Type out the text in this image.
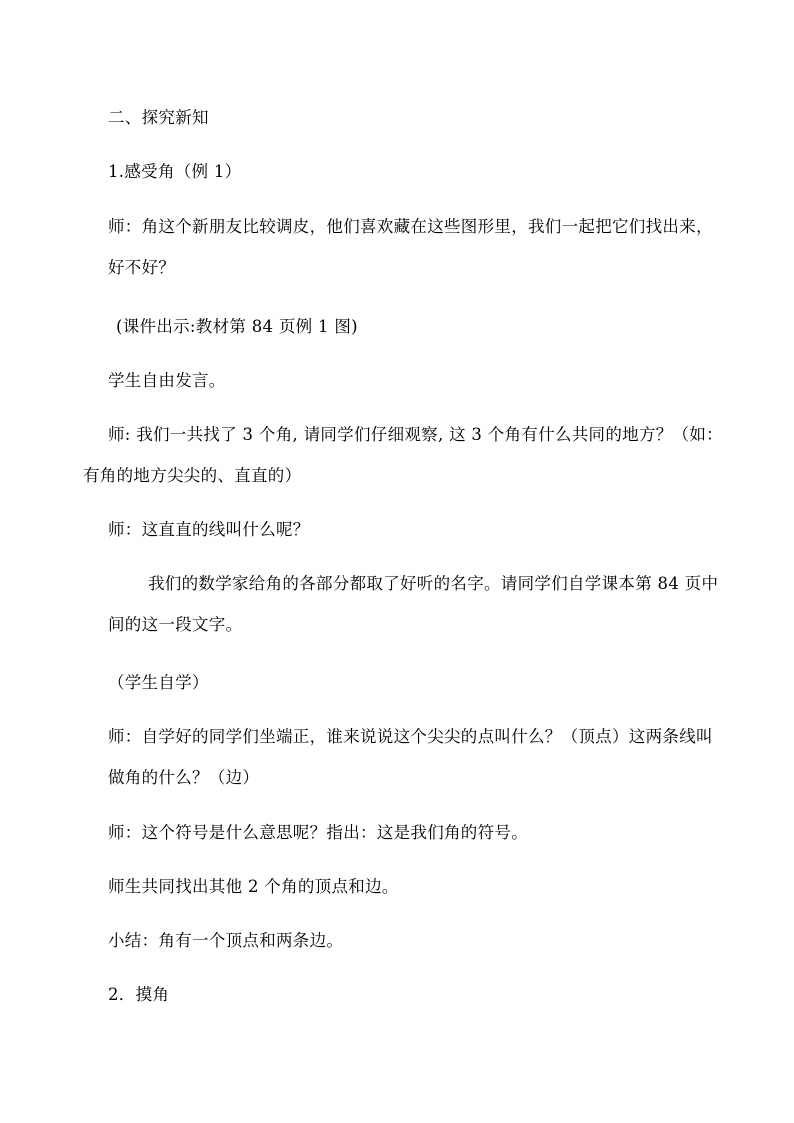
二、探究新知

1.感受角（例 1）

师：角这个新朋友比较调皮，他们喜欢藏在这些图形里，我们一起把它们找出来，好不好？

(课件出示:教材第 84 页例 1 图)

学生自由发言。

师: 我们一共找了 3 个角, 请同学们仔细观察, 这 3 个角有什么共同的地方？（如：有角的地方尖尖的、直直的）

师：这直直的线叫什么呢？

我们的数学家给角的各部分都取了好听的名字。请同学们自学课本第 84 页中间的这一段文字。

（学生自学）

师：自学好的同学们坐端正，谁来说说这个尖尖的点叫什么？（顶点）这两条线叫做角的什么？（边）

师：这个符号是什么意思呢？指出：这是我们角的符号。

师生共同找出其他 2 个角的顶点和边。

小结：角有一个顶点和两条边。

2．摸角
